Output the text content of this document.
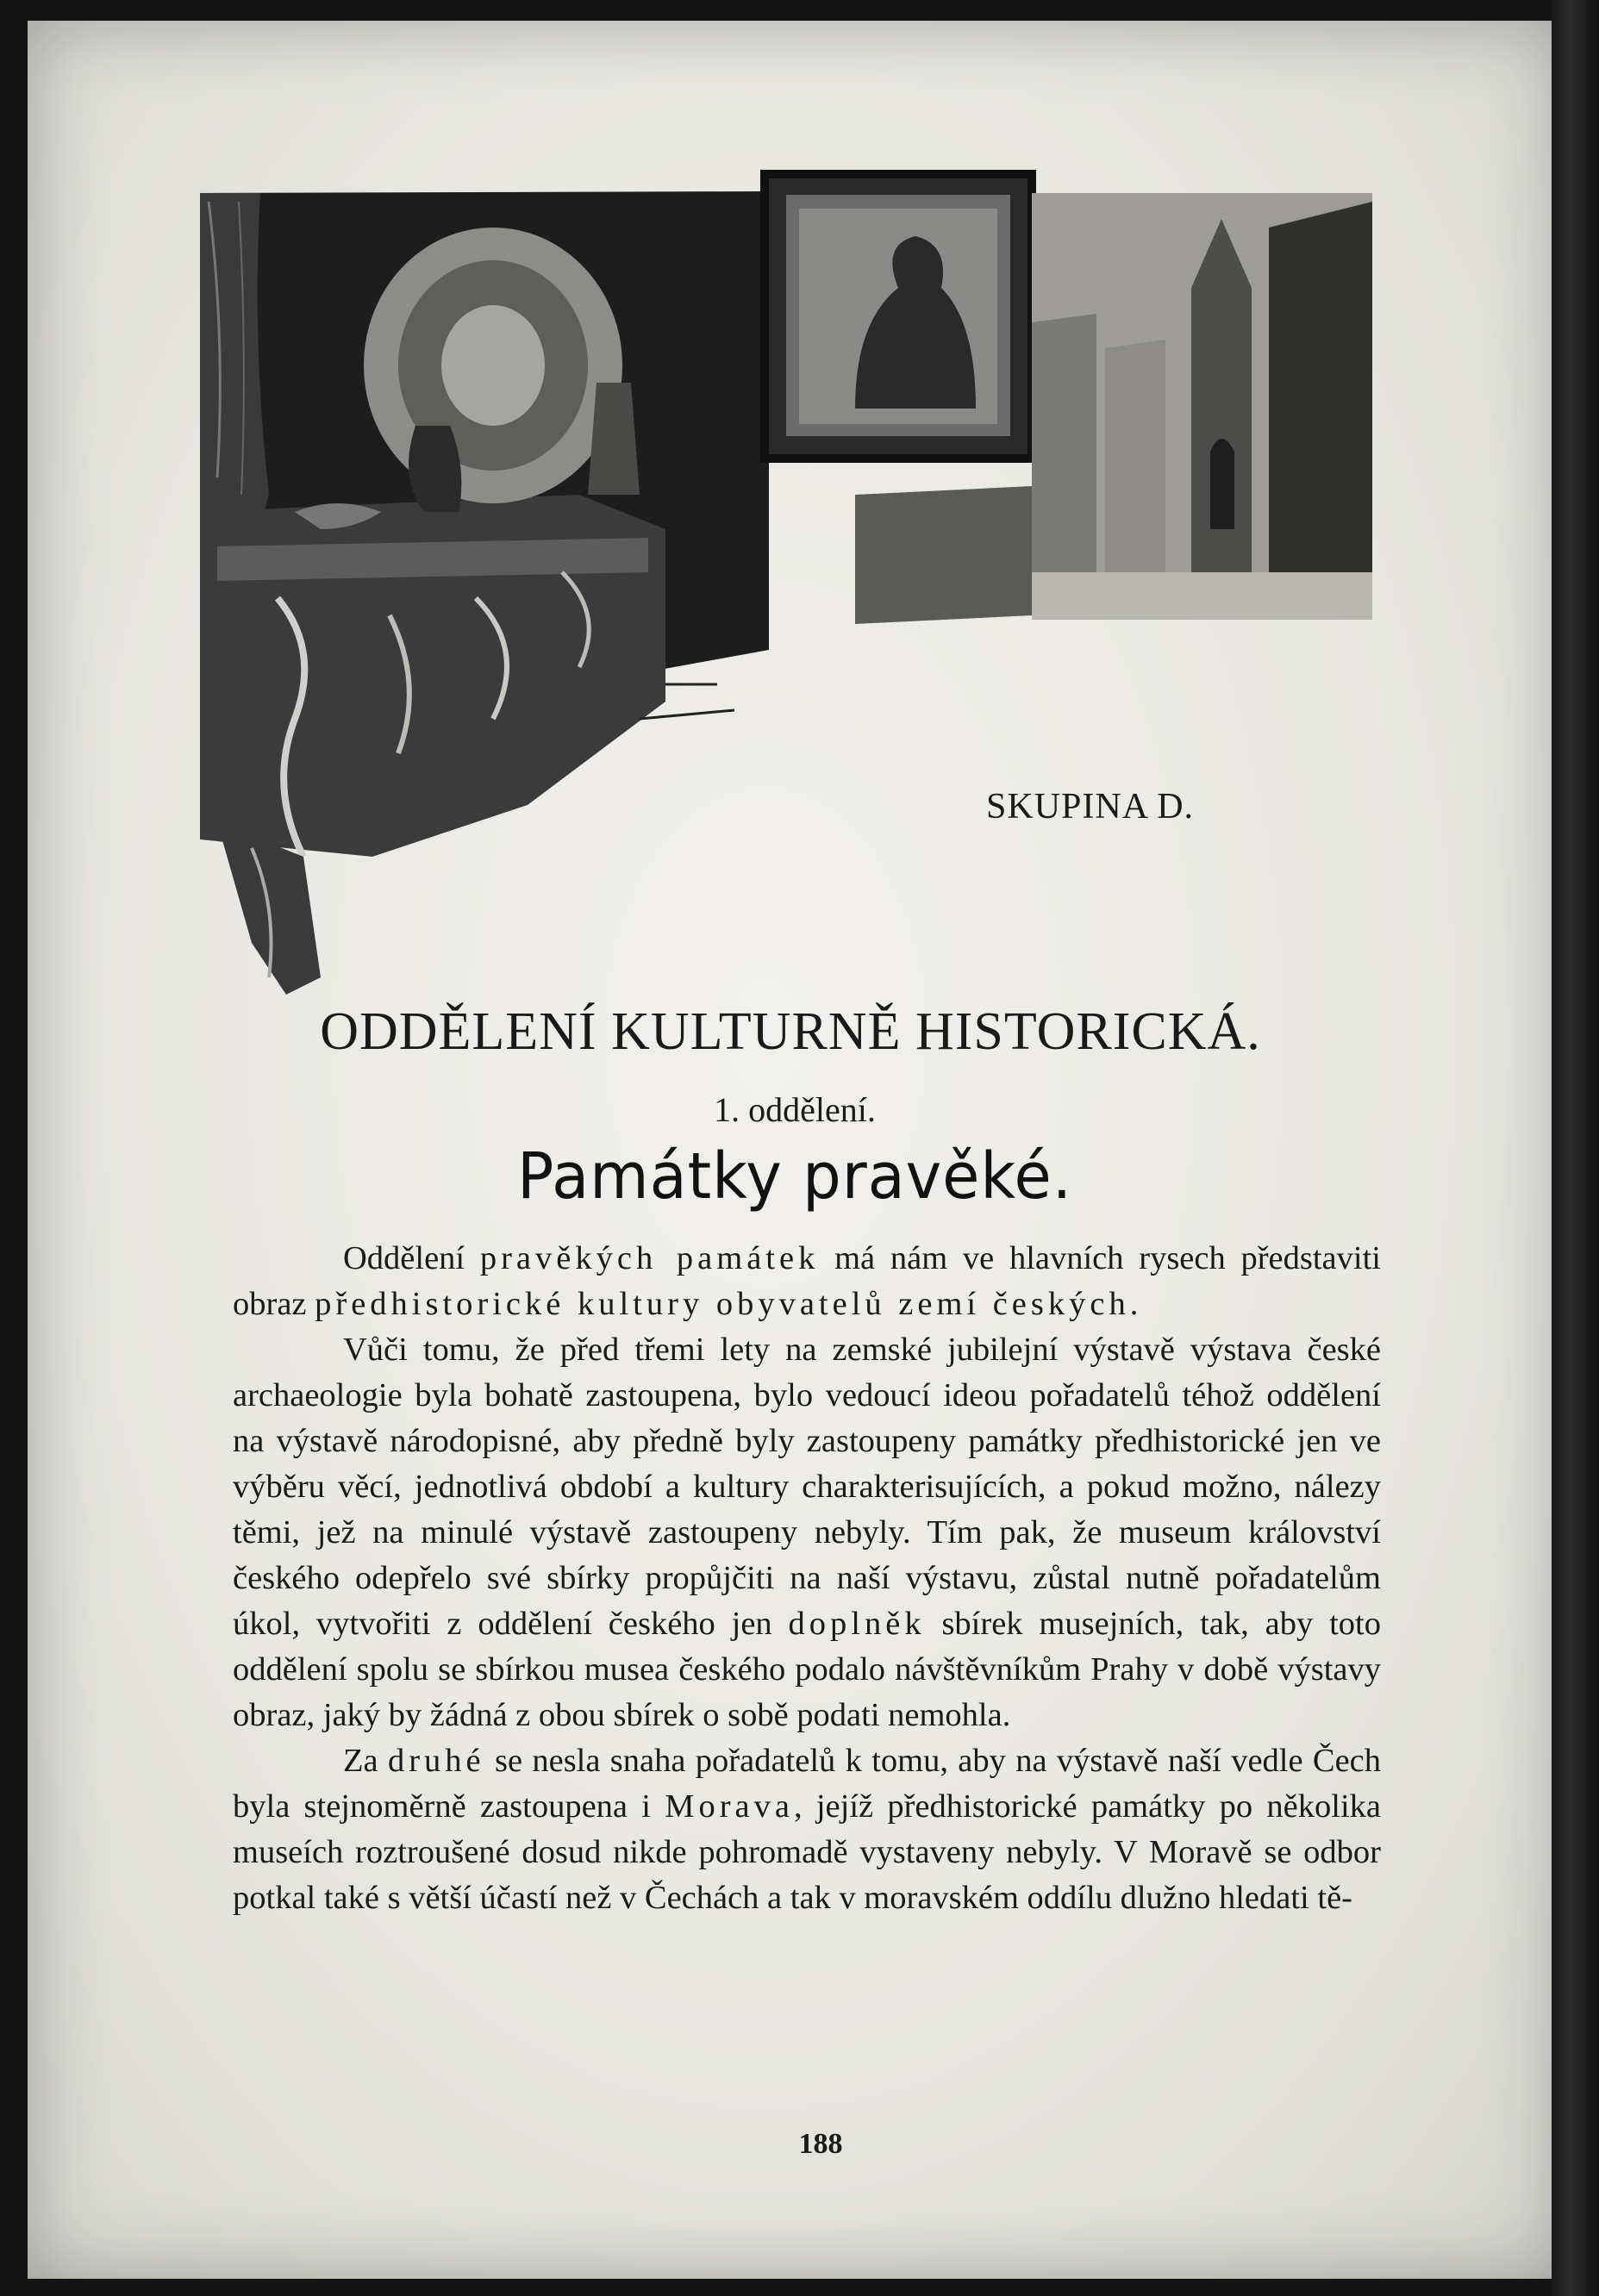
SKUPINA D.
ODDĚLENÍ KULTURNĚ HISTORICKÁ.
1. oddělení.
Památky pravěké.

Oddělení pravěkých památek má nám ve hlavních rysech představiti obraz předhistorické kultury obyvatelů zemí českých.

Vůči tomu, že před třemi lety na zemské jubilejní výstavě výstava české archaeologie byla bohatě zastoupena, bylo vedoucí ideou pořadatelů téhož oddělení na výstavě národopisné, aby předně byly zastoupeny památky předhistorické jen ve výběru věcí, jednotlivá období a kultury charakterisujících, a pokud možno, nálezy těmi, jež na minulé výstavě zastoupeny nebyly. Tím pak, že museum království českého odepřelo své sbírky propůjčiti na naší výstavu, zůstal nutně pořadatelům úkol, vytvořiti z oddělení českého jen doplněk sbírek musejních, tak, aby toto oddělení spolu se sbírkou musea českého podalo návštěvníkům Prahy v době výstavy obraz, jaký by žádná z obou sbírek o sobě podati nemohla.

Za druhé se nesla snaha pořadatelů k tomu, aby na výstavě naší vedle Čech byla stejnoměrně zastoupena i Morava, jejíž předhistorické památky po několika museích roztroušené dosud nikde pohromadě vystaveny nebyly. V Moravě se odbor potkal také s větší účastí než v Čechách a tak v moravském oddílu dlužno hledati tě-

188
